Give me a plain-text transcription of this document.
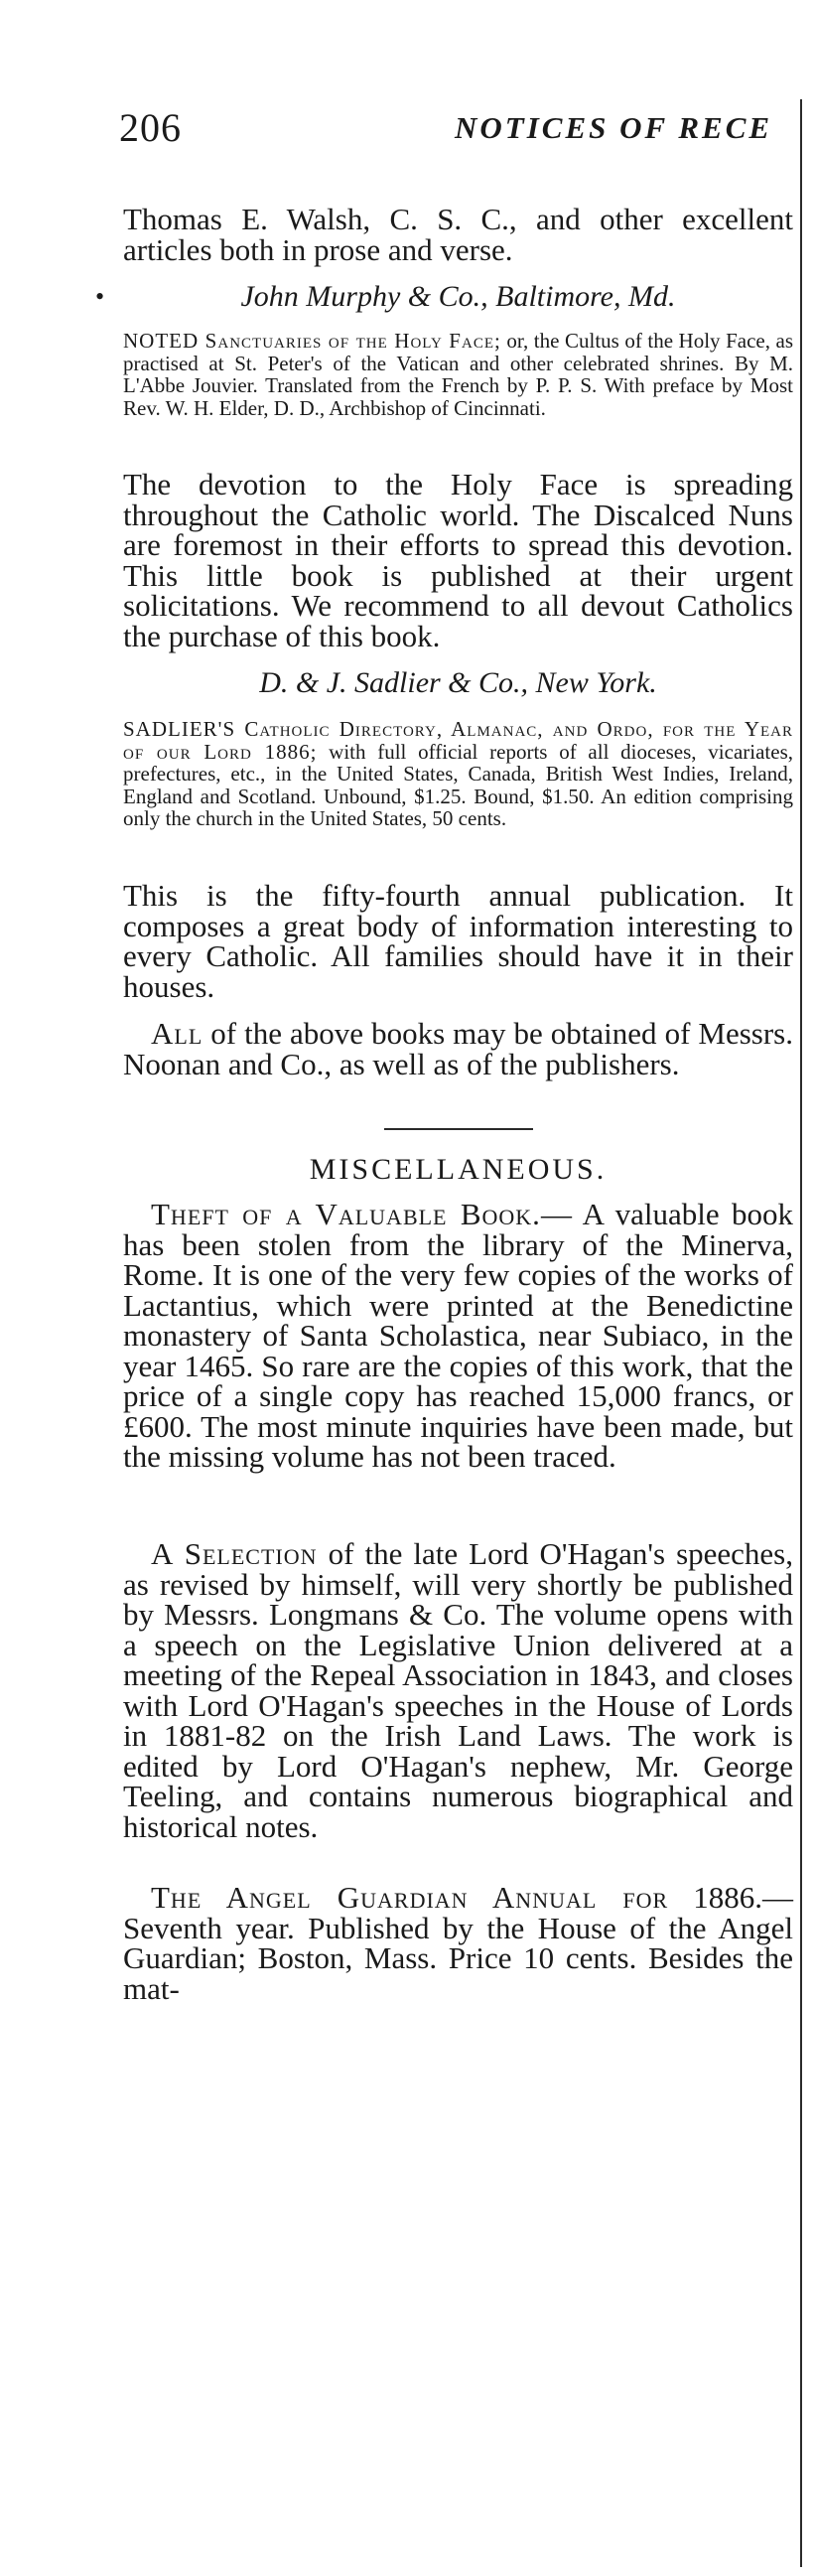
206	NOTICES OF RECE

Thomas E. Walsh, C. S. C., and other excellent articles both in prose and verse.

•	John Murphy & Co., Baltimore, Md.

NOTED Sanctuaries of the Holy Face; or, the Cultus of the Holy Face, as practised at St. Peter's of the Vatican and other celebrated shrines. By M. L'Abbe Jouvier. Translated from the French by P. P. S. With preface by Most Rev. W. H. Elder, D. D., Archbishop of Cincinnati.

The devotion to the Holy Face is spreading throughout the Catholic world. The Discalced Nuns are foremost in their efforts to spread this devotion. This little book is published at their urgent solicitations. We recommend to all devout Catholics the purchase of this book.

D. & J. Sadlier & Co., New York.

SADLIER'S Catholic Directory, Almanac, and Ordo, for the Year of our Lord 1886; with full official reports of all dioceses, vicariates, prefectures, etc., in the United States, Canada, British West Indies, Ireland, England and Scotland. Unbound, $1.25. Bound, $1.50. An edition comprising only the church in the United States, 50 cents.

This is the fifty-fourth annual publication. It composes a great body of information interesting to every Catholic. All families should have it in their houses.

All of the above books may be obtained of Messrs. Noonan and Co., as well as of the publishers.

MISCELLANEOUS.

Theft of a Valuable Book.— A valuable book has been stolen from the library of the Minerva, Rome. It is one of the very few copies of the works of Lactantius, which were printed at the Benedictine monastery of Santa Scholastica, near Subiaco, in the year 1465. So rare are the copies of this work, that the price of a single copy has reached 15,000 francs, or £600. The most minute inquiries have been made, but the missing volume has not been traced.

A Selection of the late Lord O'Hagan's speeches, as revised by himself, will very shortly be published by Messrs. Longmans & Co. The volume opens with a speech on the Legislative Union delivered at a meeting of the Repeal Association in 1843, and closes with Lord O'Hagan's speeches in the House of Lords in 1881-82 on the Irish Land Laws. The work is edited by Lord O'Hagan's nephew, Mr. George Teeling, and contains numerous biographical and historical notes.

The Angel Guardian Annual for 1886.— Seventh year. Published by the House of the Angel Guardian; Boston, Mass. Price 10 cents. Besides the mat-
